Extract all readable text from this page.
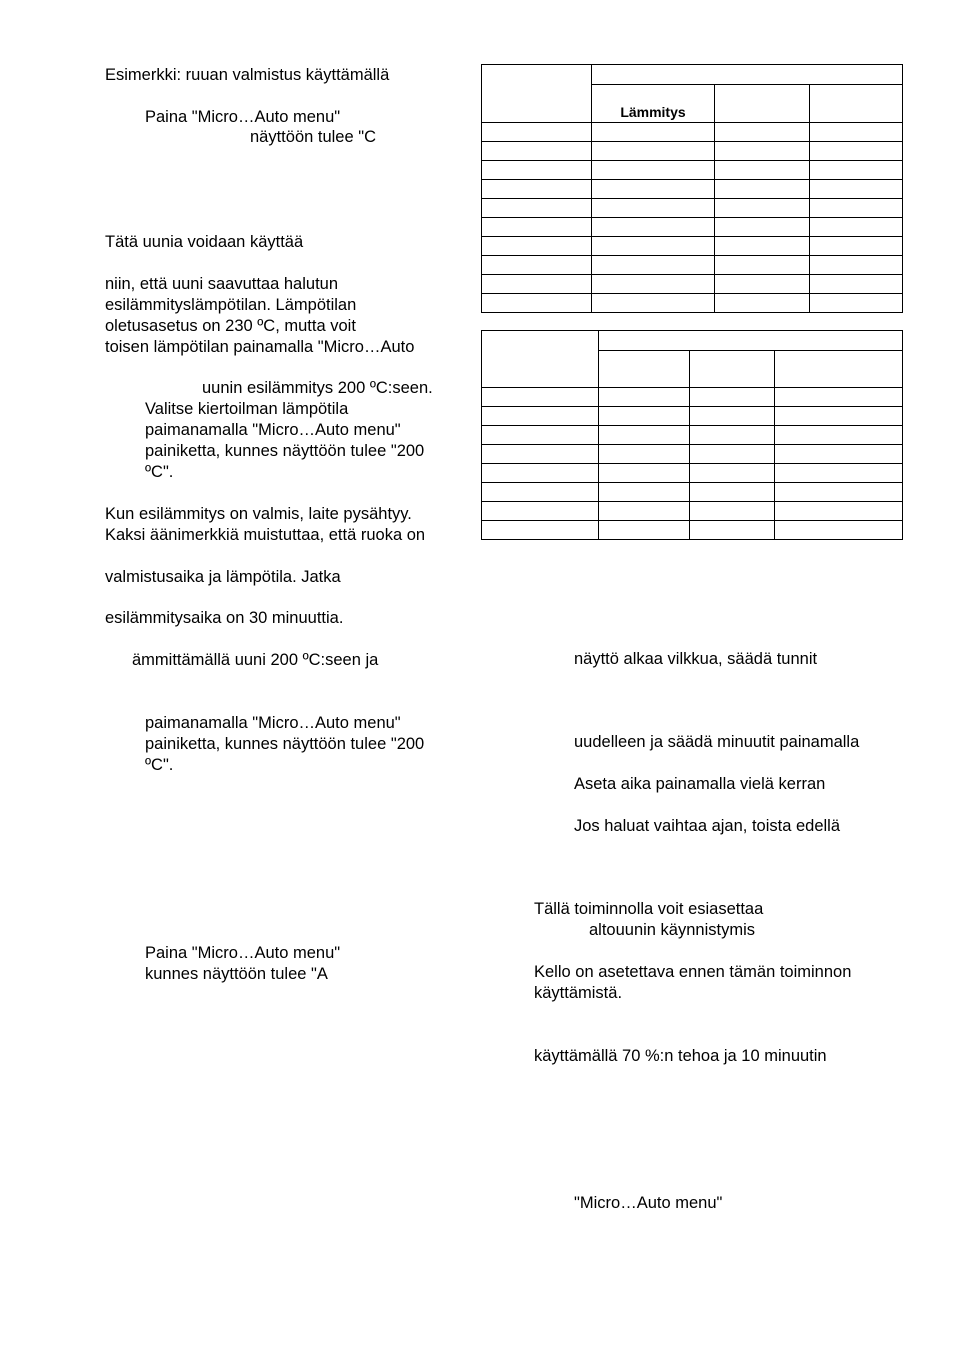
Esimerkki: ruuan valmistus käyttämällä
Paina "Micro…Auto menu"
näyttöön tulee "C
Tätä uunia voidaan käyttää
niin, että uuni saavuttaa halutun
esilämmityslämpötilan. Lämpötilan
oletusasetus on 230 ºC, mutta voit
toisen lämpötilan painamalla "Micro…Auto
uunin esilämmitys 200 ºC:seen.
Valitse kiertoilman lämpötila
paimanamalla "Micro…Auto menu"
painiketta, kunnes näyttöön tulee "200
ºC".
Kun esilämmitys on valmis, laite pysähtyy.
Kaksi äänimerkkiä muistuttaa, että ruoka on
valmistusaika ja lämpötila. Jatka
esilämmitysaika on 30 minuuttia.
ämmittämällä uuni 200 ºC:seen ja
paimanamalla "Micro…Auto menu"
painiketta, kunnes näyttöön tulee "200
ºC".
Paina "Micro…Auto menu"
kunnes näyttöön tulee "A
näyttö alkaa vilkkua, säädä tunnit
uudelleen ja säädä minuutit painamalla
Aseta aika painamalla vielä kerran
Jos haluat vaihtaa ajan, toista edellä
Tällä toiminnolla voit esiasettaa
altouunin käynnistymis
Kello on asetettava ennen tämän toiminnon
käyttämistä.
käyttämällä 70 %:n tehoa ja 10 minuutin
"Micro…Auto menu"

	Lämmitys		
